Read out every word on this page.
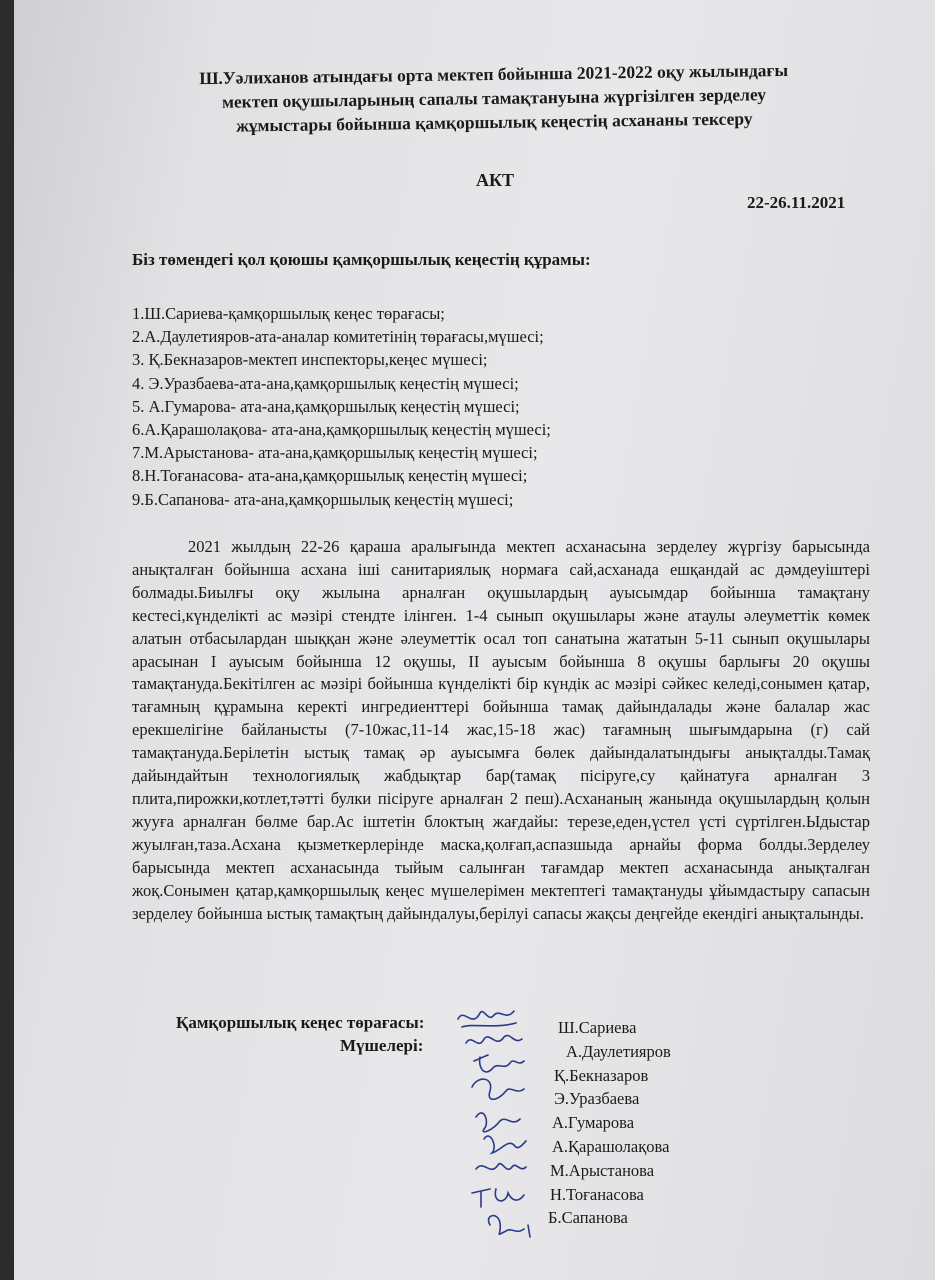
Ш.Уәлиханов атындағы орта мектеп бойынша 2021-2022 оқу жылындағы
мектеп оқушыларының сапалы тамақтануына жүргізілген зерделеу
жұмыстары бойынша қамқоршылық кеңестің асхананы тексеру
АКТ
22-26.11.2021
Біз төмендегі қол қоюшы қамқоршылық кеңестің құрамы:
1.Ш.Сариева-қамқоршылық кеңес төрағасы;
2.А.Даулетияров-ата-аналар комитетінің төрағасы,мүшесі;
3. Қ.Бекназаров-мектеп инспекторы,кеңес мүшесі;
4. Э.Уразбаева-ата-ана,қамқоршылық кеңестің мүшесі;
5. А.Гумарова- ата-ана,қамқоршылық кеңестің мүшесі;
6.А.Қарашолақова- ата-ана,қамқоршылық кеңестің мүшесі;
7.М.Арыстанова- ата-ана,қамқоршылық кеңестің мүшесі;
8.Н.Тоғанасова- ата-ана,қамқоршылық кеңестің мүшесі;
9.Б.Сапанова- ата-ана,қамқоршылық кеңестің мүшесі;
2021 жылдың 22-26 қараша аралығында мектеп асханасына зерделеу жүргізу барысында анықталған бойынша асхана іші санитариялық нормаға сай,асханада ешқандай ас дәмдеуіштері болмады.Биылғы оқу жылына арналған оқушылардың ауысымдар бойынша тамақтану кестесі,күнделікті ас мәзірі стендте ілінген. 1-4 сынып оқушылары және атаулы әлеуметтік көмек алатын отбасылардан шыққан және әлеуметтік осал топ санатына жататын 5-11 сынып оқушылары арасынан І ауысым бойынша 12 оқушы, ІІ ауысым бойынша 8 оқушы барлығы 20 оқушы тамақтануда.Бекітілген ас мәзірі бойынша күнделікті бір күндік ас мәзірі сәйкес келеді,сонымен қатар, тағамның құрамына керекті ингредиенттері бойынша тамақ дайындалады және балалар жас ерекшелігіне байланысты (7-10жас,11-14 жас,15-18 жас) тағамның шығымдарына (г) сай тамақтануда.Берілетін ыстық тамақ әр ауысымға бөлек дайындалатындығы анықталды.Тамақ дайындайтын технологиялық жабдықтар бар(тамақ пісіруге,су қайнатуға арналған 3 плита,пирожки,котлет,тәтті булки пісіруге арналған 2 пеш).Асхананың жанында оқушылардың қолын жууға арналған бөлме бар.Ас іштетін блоктың жағдайы: терезе,еден,үстел үсті сүртілген.Ыдыстар жуылған,таза.Асхана қызметкерлерінде маска,қолғап,аспазшыда арнайы форма болды.Зерделеу барысында мектеп асханасында тыйым салынған тағамдар мектеп асханасында анықталған жоқ.Сонымен қатар,қамқоршылық кеңес мүшелерімен мектептегі тамақтануды ұйымдастыру сапасын зерделеу бойынша ыстық тамақтың дайындалуы,берілуі сапасы жақсы деңгейде екендігі анықталынды.
Қамқоршылық кеңес төрағасы:
Мүшелері:
Ш.Сариева
А.Даулетияров
Қ.Бекназаров
Э.Уразбаева
А.Гумарова
А.Қарашолақова
М.Арыстанова
Н.Тоғанасова
Б.Сапанова
